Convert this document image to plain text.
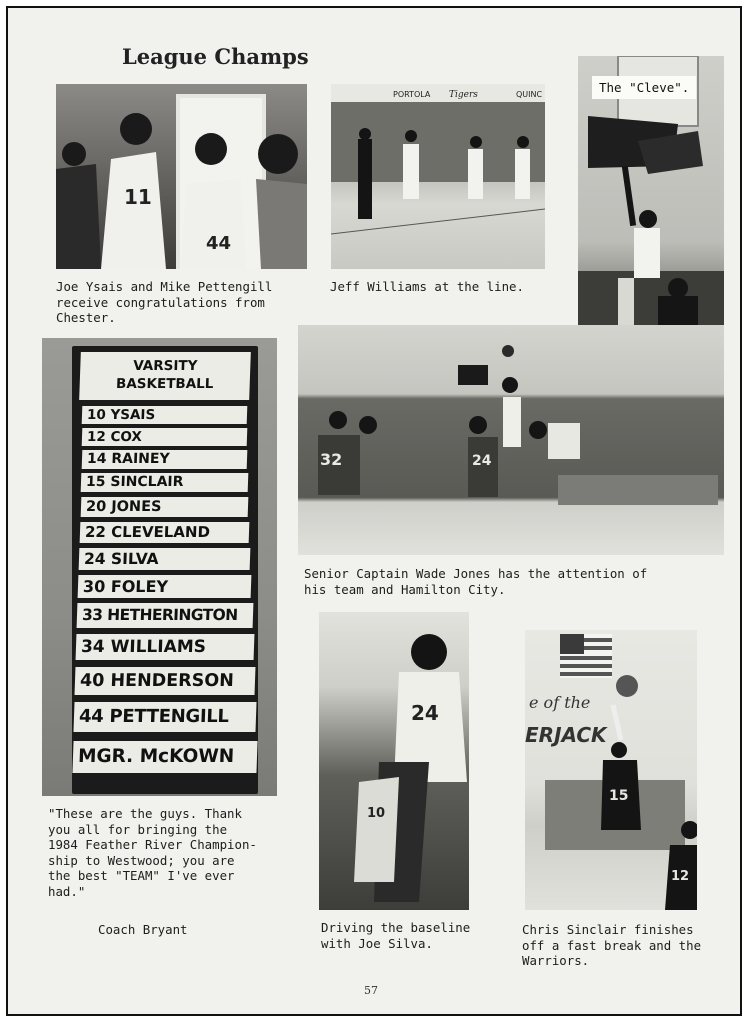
League Champs
11
44
Joe Ysais and Mike Pettengill
receive congratulations from
Chester.
PORTOLA Tigers	QUINC
Jeff Williams at the line.
The "Cleve".
VARSITY
BASKETBALL
10 YSAIS
12 COX
14 RAINEY
15 SINCLAIR
20 JONES
22 CLEVELAND
24 SILVA
30 FOLEY
33 HETHERINGTON
34 WILLIAMS
40 HENDERSON
44 PETTENGILL
MGR. McKOWN
"These are the guys. Thank
you all for bringing the
1984 Feather River Champion-
ship to Westwood; you are
the best "TEAM" I've ever
had."
Coach Bryant
32	24
Senior Captain Wade Jones has the attention of
his team and Hamilton City.
24
10
Driving the baseline
with Joe Silva.
e of the
ERJACK
15
12
Chris Sinclair finishes
off a fast break and the
Warriors.
57
